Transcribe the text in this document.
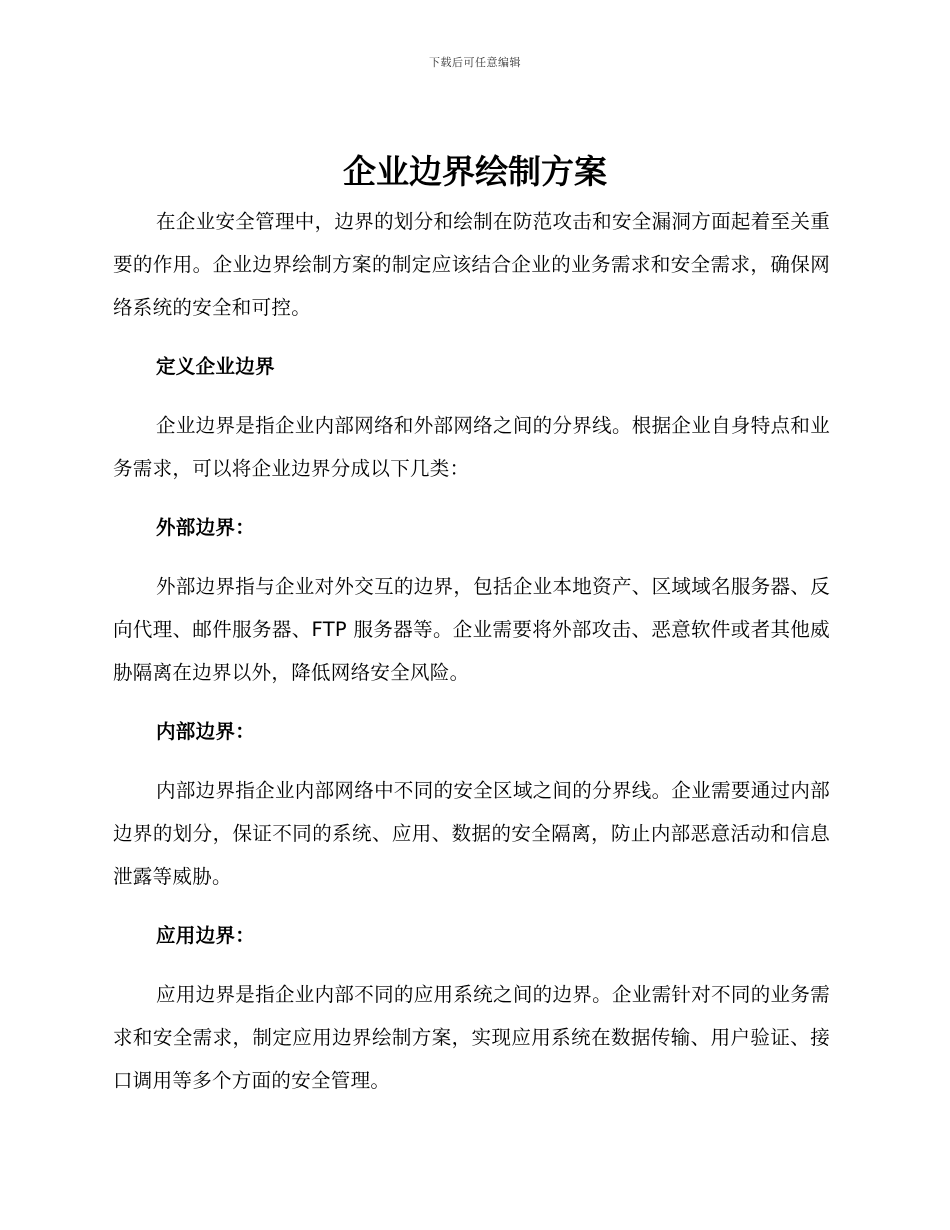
下载后可任意编辑
企业边界绘制方案

在企业安全管理中，边界的划分和绘制在防范攻击和安全漏洞方面起着至关重要的作用。企业边界绘制方案的制定应该结合企业的业务需求和安全需求，确保网络系统的安全和可控。

定义企业边界

企业边界是指企业内部网络和外部网络之间的分界线。根据企业自身特点和业务需求，可以将企业边界分成以下几类：

外部边界：

外部边界指与企业对外交互的边界，包括企业本地资产、区域域名服务器、反向代理、邮件服务器、FTP 服务器等。企业需要将外部攻击、恶意软件或者其他威胁隔离在边界以外，降低网络安全风险。

内部边界：

内部边界指企业内部网络中不同的安全区域之间的分界线。企业需要通过内部边界的划分，保证不同的系统、应用、数据的安全隔离，防止内部恶意活动和信息泄露等威胁。

应用边界：

应用边界是指企业内部不同的应用系统之间的边界。企业需针对不同的业务需求和安全需求，制定应用边界绘制方案，实现应用系统在数据传输、用户验证、接口调用等多个方面的安全管理。
